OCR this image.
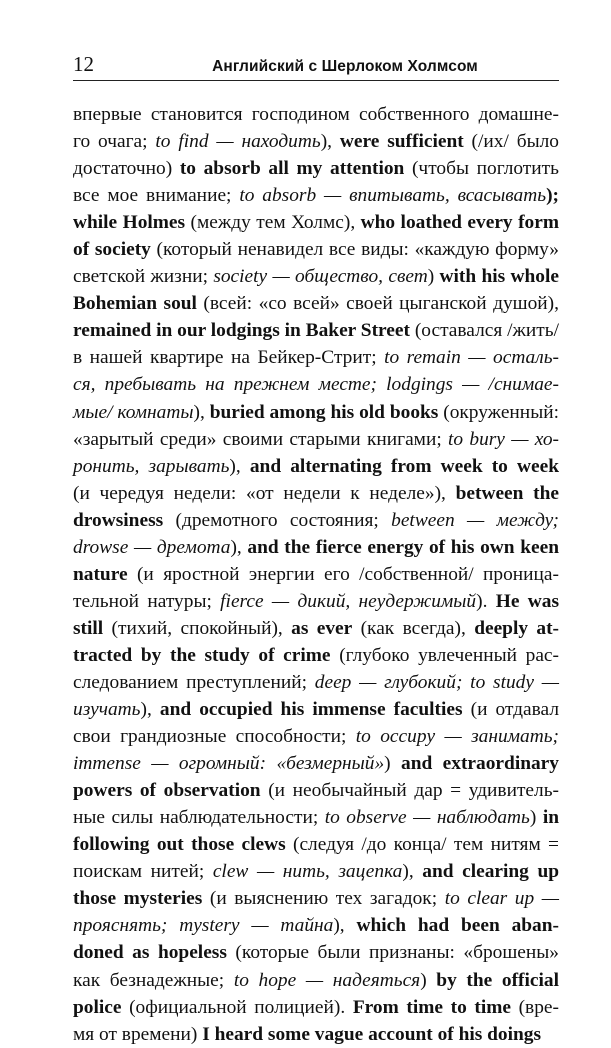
12	Английский с Шерлоком Холмсом
впервые становится господином собственного домашне-
го очага; to find — находить), were sufficient (/их/ было
достаточно) to absorb all my attention (чтобы поглотить
все мое внимание; to absorb — впитывать, всасывать);
while Holmes (между тем Холмс), who loathed every form
of society (который ненавидел все виды: «каждую форму»
светской жизни; society — общество, свет) with his whole
Bohemian soul (всей: «со всей» своей цыганской душой),
remained in our lodgings in Baker Street (оставался /жить/
в нашей квартире на Бейкер-Стрит; to remain — осталь-
ся, пребывать на прежнем месте; lodgings — /снимае-
мые/ комнаты), buried among his old books (окруженный:
«зарытый среди» своими старыми книгами; to bury — хо-
ронить, зарывать), and alternating from week to week
(и чередуя недели: «от недели к неделе»), between the
drowsiness (дремотного состояния; between — между;
drowse — дремота), and the fierce energy of his own keen
nature (и яростной энергии его /собственной/ проница-
тельной натуры; fierce — дикий, неудержимый). He was
still (тихий, спокойный), as ever (как всегда), deeply at-
tracted by the study of crime (глубоко увлеченный рас-
следованием преступлений; deep — глубокий; to study —
изучать), and occupied his immense faculties (и отдавал
свои грандиозные способности; to occupy — занимать;
immense — огромный: «безмерный») and extraordinary
powers of observation (и необычайный дар = удивитель-
ные силы наблюдательности; to observe — наблюдать) in
following out those clews (следуя /до конца/ тем нитям =
поискам нитей; clew — нить, зацепка), and clearing up
those mysteries (и выяснению тех загадок; to clear up —
прояснять; mystery — тайна), which had been aban-
doned as hopeless (которые были признаны: «брошены»
как безнадежные; to hope — надеяться) by the official
police (официальной полицией). From time to time (вре-
мя от времени) I heard some vague account of his doings
